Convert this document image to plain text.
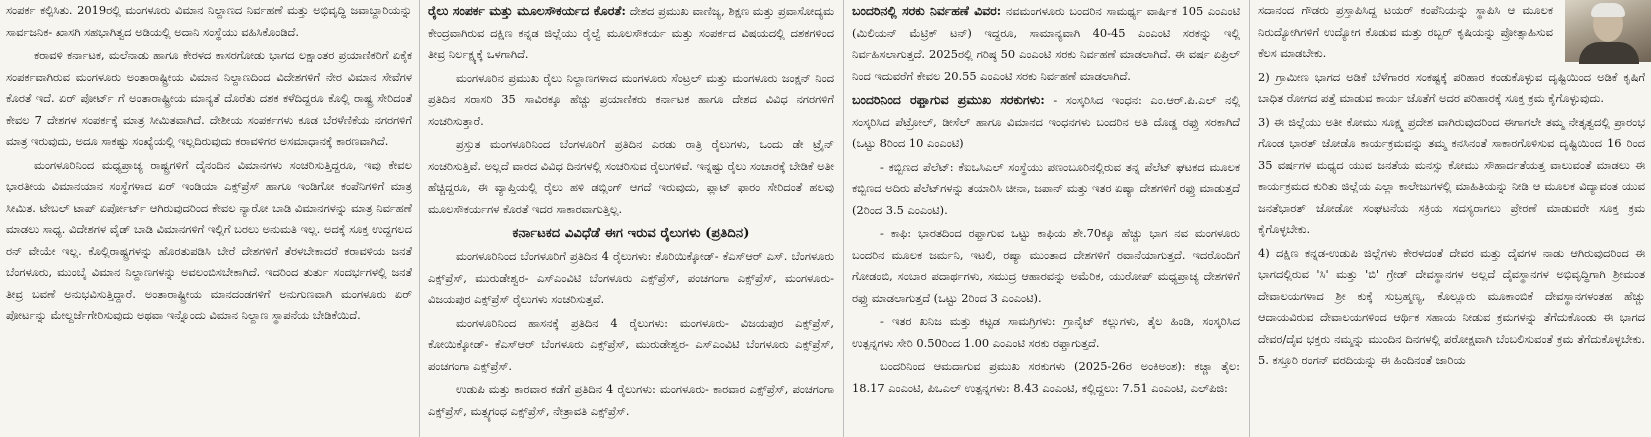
ಸಂಪರ್ಕ ಕಲ್ಪಿಸಿತು. 2019ರಲ್ಲಿ ಮಂಗಳೂರು ವಿಮಾನ ನಿಲ್ದಾಣದ ನಿರ್ವಹಣೆ ಮತ್ತು ಅಭಿವೃದ್ಧಿ ಜವಾಬ್ದಾರಿಯನ್ನು ಸಾರ್ವಜನಿಕ- ಖಾಸಗಿ ಸಹಭಾಗಿತ್ವದ ಅಡಿಯಲ್ಲಿ ಅದಾನಿ ಸಂಸ್ಥೆಯು ವಹಿಸಿಕೊಂಡಿದೆ.

ಕರಾವಳಿ ಕರ್ನಾಟಕ, ಮಲೆನಾಡು ಹಾಗೂ ಕೇರಳದ ಕಾಸರಗೋಡು ಭಾಗದ ಲಕ್ಷಾಂತರ ಪ್ರಯಾಣಿಕರಿಗೆ ಏಕೈಕ ಸಂಪರ್ಕವಾಗಿರುವ ಮಂಗಳೂರು ಅಂತಾರಾಷ್ಟ್ರೀಯ ವಿಮಾನ ನಿಲ್ದಾಣದಿಂದ ವಿದೇಶಗಳಿಗೆ ನೇರ ವಿಮಾನ ಸೇವೆಗಳ ಕೊರತೆ ಇದೆ. ಏರ್ ಪೋರ್ಟ್ ಗೆ ಅಂತಾರಾಷ್ಟ್ರೀಯ ಮಾನ್ಯತೆ ದೊರೆತು ದಶಕ ಕಳೆದಿದ್ದರೂ ಕೊಲ್ಲಿ ರಾಷ್ಟ್ರ ಸೇರಿದಂತೆ ಕೇವಲ 7 ದೇಶಗಳ ಸಂಪರ್ಕಕ್ಕೆ ಮಾತ್ರ ಸೀಮಿತವಾಗಿದೆ. ದೇಶೀಯ ಸಂಪರ್ಕಗಳು ಕೂಡ ಬೆರಳೆಣಿಕೆಯ ನಗರಗಳಿಗೆ ಮಾತ್ರ ಇರುವುದು, ಅದೂ ಸಾಕಷ್ಟು ಸಂಖ್ಯೆಯಲ್ಲಿ ಇಲ್ಲದಿರುವುದು ಕರಾವಳಿಗರ ಅಸಮಾಧಾನಕ್ಕೆ ಕಾರಣವಾಗಿದೆ.

ಮಂಗಳೂರಿನಿಂದ ಮಧ್ಯಪ್ರಾಚ್ಯ ರಾಷ್ಟ್ರಗಳಿಗೆ ದೈನಂದಿನ ವಿಮಾನಗಳು ಸಂಚರಿಸುತ್ತಿದ್ದರೂ, ಇವು ಕೇವಲ ಭಾರತೀಯ ವಿಮಾನಯಾನ ಸಂಸ್ಥೆಗಳಾದ ಏರ್ ಇಂಡಿಯಾ ಎಕ್ಸ್‌ಪ್ರೆಸ್ ಹಾಗೂ ಇಂಡಿಗೋ ಕಂಪೆನಿಗಳಿಗೆ ಮಾತ್ರ ಸೀಮಿತ. ಟೇಬಲ್ ಟಾಪ್ ಏರ್ಪೋರ್ಟ್ ಆಗಿರುವುದರಿಂದ ಕೇವಲ ನ್ಯಾರೋ ಬಾಡಿ ವಿಮಾನಗಳನ್ನು ಮಾತ್ರ ನಿರ್ವಹಣೆ ಮಾಡಲು ಸಾಧ್ಯ. ವಿದೇಶಗಳ ವೈಡ್ ಬಾಡಿ ವಿಮಾನಗಳಿಗೆ ಇಲ್ಲಿಗೆ ಬರಲು ಅನುಮತಿ ಇಲ್ಲ. ಅದಕ್ಕೆ ಸೂಕ್ತ ಉದ್ದಗಲದ ರನ್ ವೇಯೇ ಇಲ್ಲ. ಕೊಲ್ಲಿರಾಷ್ಟ್ರಗಳನ್ನು ಹೊರತುಪಡಿಸಿ ಬೇರೆ ದೇಶಗಳಿಗೆ ತೆರಳಬೇಕಾದರೆ ಕರಾವಳಿಯ ಜನತೆ ಬೆಂಗಳೂರು, ಮುಂಬೈ ವಿಮಾನ ನಿಲ್ದಾಣಗಳನ್ನು ಅವಲಂಬಿಸಬೇಕಾಗಿದೆ. ಇದರಿಂದ ತುರ್ತು ಸಂದರ್ಭಗಳಲ್ಲಿ ಜನತೆ ತೀವ್ರ ಬವಣೆ ಅನುಭವಿಸುತ್ತಿದ್ದಾರೆ. ಅಂತಾರಾಷ್ಟ್ರೀಯ ಮಾನದಂಡಗಳಿಗೆ ಅನುಗುಣವಾಗಿ ಮಂಗಳೂರು ಏರ್ ಪೋರ್ಟನ್ನು ಮೇಲ್ದರ್ಜೆಗೇರಿಸುವುದು ಅಥವಾ ಇನ್ನೊಂದು ವಿಮಾನ ನಿಲ್ದಾಣ ಸ್ಥಾಪನೆಯ ಬೇಡಿಕೆಯಿದೆ.

ರೈಲು ಸಂಪರ್ಕ ಮತ್ತು ಮೂಲಸೌಕರ್ಯದ ಕೊರತೆ: ದೇಶದ ಪ್ರಮುಖ ವಾಣಿಜ್ಯ, ಶಿಕ್ಷಣ ಮತ್ತು ಪ್ರವಾಸೋದ್ಯಮ ಕೇಂದ್ರವಾಗಿರುವ ದಕ್ಷಿಣ ಕನ್ನಡ ಜಿಲ್ಲೆಯು ರೈಲ್ವೆ ಮೂಲಸೌಕರ್ಯ ಮತ್ತು ಸಂಪರ್ಕದ ವಿಷಯದಲ್ಲಿ ದಶಕಗಳಿಂದ ತೀವ್ರ ನಿರ್ಲಕ್ಷ್ಯಕ್ಕೆ ಒಳಗಾಗಿದೆ.

ಮಂಗಳೂರಿನ ಪ್ರಮುಖ ರೈಲು ನಿಲ್ದಾಣಗಳಾದ ಮಂಗಳೂರು ಸೆಂಟ್ರಲ್ ಮತ್ತು ಮಂಗಳೂರು ಜಂಕ್ಷನ್ ನಿಂದ ಪ್ರತಿದಿನ ಸರಾಸರಿ 35 ಸಾವಿರಕ್ಕೂ ಹೆಚ್ಚು ಪ್ರಯಾಣಿಕರು ಕರ್ನಾಟಕ ಹಾಗೂ ದೇಶದ ವಿವಿಧ ನಗರಗಳಿಗೆ ಸಂಚರಿಸುತ್ತಾರೆ.

ಪ್ರಸ್ತುತ ಮಂಗಳೂರಿನಿಂದ ಬೆಂಗಳೂರಿಗೆ ಪ್ರತಿದಿನ ಎರಡು ರಾತ್ರಿ ರೈಲುಗಳು, ಒಂದು ಡೇ ಟ್ರೈನ್ ಸಂಚರಿಸುತ್ತಿವೆ. ಅಲ್ಲದೆ ವಾರದ ವಿವಿಧ ದಿನಗಳಲ್ಲಿ ಸಂಚರಿಸುವ ರೈಲುಗಳಿವೆ. ಇನ್ನಷ್ಟು ರೈಲು ಸಂಚಾರಕ್ಕೆ ಬೇಡಿಕೆ ಅತೀ ಹೆಚ್ಚಿದ್ದರೂ, ಈ ವ್ಯಾಪ್ತಿಯಲ್ಲಿ ರೈಲು ಹಳಿ ಡಬ್ಲಿಂಗ್ ಆಗದೆ ಇರುವುದು, ಪ್ಲಾಟ್ ಫಾರಂ ಸೇರಿದಂತೆ ಹಲವು ಮೂಲಸೌಕರ್ಯಗಳ ಕೊರತೆ ಇದರ ಸಾಕಾರವಾಗುತ್ತಿಲ್ಲ.

ಕರ್ನಾಟಕದ ವಿವಿಧೆಡೆ ಈಗ ಇರುವ ರೈಲುಗಳು (ಪ್ರತಿದಿನ)

ಮಂಗಳೂರಿನಿಂದ ಬೆಂಗಳೂರಿಗೆ ಪ್ರತಿದಿನ 4 ರೈಲುಗಳು: ಕೊರಿಯಿಕ್ಕೋಡ್- ಕೆಎಸ್‌ಆರ್ ಎಸ್. ಬೆಂಗಳೂರು ಎಕ್ಸ್‌ಪ್ರೆಸ್, ಮುರುಡೇಶ್ವರ- ಎಸ್‌ಎಂವಿಟಿ ಬೆಂಗಳೂರು ಎಕ್ಸ್‌ಪ್ರೆಸ್, ಪಂಚಗಂಗಾ ಎಕ್ಸ್‌ಪ್ರೆಸ್, ಮಂಗಳೂರು- ವಿಜಯಪುರ ಎಕ್ಸ್‌ಪ್ರೆಸ್ ರೈಲುಗಳು ಸಂಚರಿಸುತ್ತವೆ.

ಮಂಗಳೂರಿನಿಂದ ಹಾಸನಕ್ಕೆ ಪ್ರತಿದಿನ 4 ರೈಲುಗಳು: ಮಂಗಳೂರು- ವಿಜಯಪುರ ಎಕ್ಸ್‌ಪ್ರೆಸ್, ಕೋಯಿಕ್ಕೋಡ್- ಕೆಎಸ್‌ಆರ್ ಬೆಂಗಳೂರು ಎಕ್ಸ್‌ಪ್ರೆಸ್, ಮುರುಡೇಶ್ವರ- ಎಸ್‌ಎಂವಿಟಿ ಬೆಂಗಳೂರು ಎಕ್ಸ್‌ಪ್ರೆಸ್, ಪಂಚಗಂಗಾ ಎಕ್ಸ್‌ಪ್ರೆಸ್.

ಉಡುಪಿ ಮತ್ತು ಕಾರವಾರ ಕಡೆಗೆ ಪ್ರತಿದಿನ 4 ರೈಲುಗಳು: ಮಂಗಳೂರು- ಕಾರವಾರ ಎಕ್ಸ್‌ಪ್ರೆಸ್, ಪಂಚಗಂಗಾ ಎಕ್ಸ್‌ಪ್ರೆಸ್, ಮತ್ಸ್ಯಗಂಧ ಎಕ್ಸ್‌ಪ್ರೆಸ್, ನೇತ್ರಾವತಿ ಎಕ್ಸ್‌ಪ್ರೆಸ್.

ಬಂದರಿನಲ್ಲಿ ಸರಕು ನಿರ್ವಹಣೆ ವಿವರ: ನವಮಂಗಳೂರು ಬಂದರಿನ ಸಾಮರ್ಥ್ಯ ವಾರ್ಷಿಕ 105 ಎಂಎಂಟಿ (ಮಿಲಿಯನ್ ಮೆಟ್ರಿಕ್ ಟನ್) ಇದ್ದರೂ, ಸಾಮಾನ್ಯವಾಗಿ 40-45 ಎಂಎಂಟಿ ಸರಕನ್ನು ಇಲ್ಲಿ ನಿರ್ವಹಿಸಲಾಗುತ್ತದೆ. 2025ರಲ್ಲಿ ಗರಿಷ್ಠ 50 ಎಂಎಂಟಿ ಸರಕು ನಿರ್ವಹಣೆ ಮಾಡಲಾಗಿದೆ. ಈ ವರ್ಷ ಏಪ್ರಿಲ್ ನಿಂದ ಇದುವರೆಗೆ ಕೇವಲ 20.55 ಎಂಎಂಟಿ ಸರಕು ನಿರ್ವಹಣೆ ಮಾಡಲಾಗಿದೆ.

ಬಂದರಿನಿಂದ ರಫ್ತಾಗುವ ಪ್ರಮುಖ ಸರಕುಗಳು: - ಸಂಸ್ಕರಿಸಿದ ಇಂಧನ: ಎಂ.ಆರ್.ಪಿ.ಎಲ್ ನಲ್ಲಿ ಸಂಸ್ಕರಿಸಿದ ಪೆಟ್ರೋಲ್, ಡೀಸೆಲ್ ಹಾಗೂ ವಿಮಾನದ ಇಂಧನಗಳು ಬಂದರಿನ ಅತಿ ದೊಡ್ಡ ರಫ್ತು ಸರಕಾಗಿದೆ (ಒಟ್ಟು 8ರಿಂದ 10 ಎಂಎಂಟಿ)

- ಕಬ್ಬಿಣದ ಪೆಲೆಟ್: ಕೆಐಒಸಿಎಲ್ ಸಂಸ್ಥೆಯು ಪಣಂಬೂರಿನಲ್ಲಿರುವ ತನ್ನ ಪೆಲೆಟ್ ಘಟಕದ ಮೂಲಕ ಕಬ್ಬಿಣದ ಅದಿರು ಪೆಲೆಟ್‌ಗಳನ್ನು ತಯಾರಿಸಿ ಚೀನಾ, ಜಪಾನ್ ಮತ್ತು ಇತರ ಏಷ್ಯಾ ದೇಶಗಳಿಗೆ ರಫ್ತು ಮಾಡುತ್ತದೆ (2ರಿಂದ 3.5 ಎಂಎಂಟಿ).

- ಕಾಫಿ: ಭಾರತದಿಂದ ರಫ್ತಾಗುವ ಒಟ್ಟು ಕಾಫಿಯ ಶೇ.70ಕ್ಕೂ ಹೆಚ್ಚು ಭಾಗ ನವ ಮಂಗಳೂರು ಬಂದರಿನ ಮೂಲಕ ಜರ್ಮನಿ, ಇಟಲಿ, ರಷ್ಯಾ ಮುಂತಾದ ದೇಶಗಳಿಗೆ ರವಾನೆಯಾಗುತ್ತದೆ. ಇದರೊಂದಿಗೆ ಗೋಡಂಬಿ, ಸಂಬಾರ ಪದಾರ್ಥಗಳು, ಸಮುದ್ರ ಆಹಾರವನ್ನು ಅಮೆರಿಕ, ಯುರೋಪ್ ಮಧ್ಯಪ್ರಾಚ್ಯ ದೇಶಗಳಿಗೆ ರಫ್ತು ಮಾಡಲಾಗುತ್ತದೆ (ಒಟ್ಟು 2ರಿಂದ 3 ಎಂಎಂಟಿ).

- ಇತರ ಖನಿಜ ಮತ್ತು ಕಟ್ಟಡ ಸಾಮಗ್ರಿಗಳು: ಗ್ರಾನೈಟ್ ಕಲ್ಲುಗಳು, ತೈಲ ಹಿಂಡಿ, ಸಂಸ್ಕರಿಸಿದ ಉತ್ಪನ್ನಗಳು ಸೇರಿ 0.50ರಿಂದ 1.00 ಎಂಎಂಟಿ ಸರಕು ರಫ್ತಾಗುತ್ತದೆ.

ಬಂದರಿನಿಂದ ಆಮದಾಗುವ ಪ್ರಮುಖ ಸರಕುಗಳು (2025-26ರ ಅಂಕಿಅಂಶ): ಕಚ್ಚಾ ತೈಲ: 18.17 ಎಂಎಂಟಿ, ಪಿಒಎಲ್ ಉತ್ಪನ್ನಗಳು: 8.43 ಎಂಎಂಟಿ, ಕಲ್ಲಿದ್ದಲು: 7.51 ಎಂಎಂಟಿ, ಎಲ್‌ಪಿಜಿ:

ಸದಾನಂದ ಗೌಡರು ಪ್ರಸ್ತಾಪಿಸಿದ್ದ ಟಯರ್ ಕಂಪೆನಿಯನ್ನು ಸ್ಥಾಪಿಸಿ ಆ ಮೂಲಕ ನಿರುದ್ಯೋಗಿಗಳಿಗೆ ಉದ್ಯೋಗ ಕೊಡುವ ಮತ್ತು ರಬ್ಬರ್ ಕೃಷಿಯನ್ನು ಪ್ರೋತ್ಸಾಹಿಸುವ ಕೆಲಸ ಮಾಡಬೇಕು.

2) ಗ್ರಾಮೀಣ ಭಾಗದ ಅಡಿಕೆ ಬೆಳೆಗಾರರ ಸಂಕಷ್ಟಕ್ಕೆ ಪರಿಹಾರ ಕಂಡುಕೊಳ್ಳುವ ದೃಷ್ಟಿಯಿಂದ ಅಡಿಕೆ ಕೃಷಿಗೆ ಬಾಧಿತ ರೋಗದ ಪತ್ತೆ ಮಾಡುವ ಕಾರ್ಯ ಜೊತೆಗೆ ಅದರ ಪರಿಹಾರಕ್ಕೆ ಸೂಕ್ತ ಕ್ರಮ ಕೈಗೊಳ್ಳುವುದು.

3) ಈ ಜಿಲ್ಲೆಯು ಅತೀ ಕೋಮು ಸೂಕ್ಷ್ಮ ಪ್ರದೇಶ ವಾಗಿರುವುದರಿಂದ ಈಗಾಗಲೇ ತಮ್ಮ ನೇತೃತ್ವದಲ್ಲಿ ಪ್ರಾರಂಭ ಗೊಂಡ ಭಾರತ್ ಜೋಡೊ ಕಾರ್ಯಕ್ರಮವನ್ನು ತಮ್ಮ ಕನಸಿನಂತೆ ಸಾಕಾರಗೊಳಿಸುವ ದೃಷ್ಟಿಯಿಂದ 16 ರಿಂದ 35 ವರ್ಷಗಳ ಮಧ್ಯದ ಯುವ ಜನತೆಯ ಮನಸ್ಸು ಕೋಮು ಸೌಹಾರ್ದತೆಯತ್ತ ವಾಲುವಂತೆ ಮಾಡಲು ಈ ಕಾರ್ಯಕ್ರಮದ ಕುರಿತು ಜಿಲ್ಲೆಯ ಎಲ್ಲಾ ಕಾಲೇಜುಗಳಲ್ಲಿ ಮಾಹಿತಿಯನ್ನು ನೀಡಿ ಆ ಮೂಲಕ ವಿದ್ಯಾವಂತ ಯುವ ಜನತೆಭಾರತ್ ಜೋಡೋ ಸಂಘಟನೆಯ ಸಕ್ರಿಯ ಸದಸ್ಯರಾಗಲು ಪ್ರೇರಣೆ ಮಾಡುವರೇ ಸೂಕ್ತ ಕ್ರಮ ಕೈಗೊಳ್ಳಬೇಕು.

4) ದಕ್ಷಿಣ ಕನ್ನಡ-ಉಡುಪಿ ಜಿಲ್ಲೆಗಳು ಕೇರಳದಂತೆ ದೇವರ ಮತ್ತು ದೈವಗಳ ನಾಡು ಆಗಿರುವುದರಿಂದ ಈ ಭಾಗದಲ್ಲಿರುವ 'ಸಿ' ಮತ್ತು 'ಬಿ' ಗ್ರೇಡ್ ದೇವಸ್ಥಾನಗಳ ಅಲ್ಲದೆ ದೈವಸ್ಥಾನಗಳ ಅಭಿವೃದ್ಧಿಗಾಗಿ ಶ್ರೀಮಂತ ದೇವಾಲಯಗಳಾದ ಶ್ರೀ ಕುಕ್ಕೆ ಸುಬ್ರಹ್ಮಣ್ಯ, ಕೊಲ್ಲೂರು ಮೂಕಾಂಬಿಕೆ ದೇವಸ್ಥಾನಗಳಂತಹ ಹೆಚ್ಚು ಆದಾಯವಿರುವ ದೇವಾಲಯಗಳಿಂದ ಆರ್ಥಿಕ ಸಹಾಯ ನೀಡುವ ಕ್ರಮಗಳನ್ನು ತೆಗೆದುಕೊಂಡು ಈ ಭಾಗದ ದೇವರ/ದೈವ ಭಕ್ತರು ನಮ್ಮನ್ನು ಮುಂದಿನ ದಿನಗಳಲ್ಲಿ ಪರೋಕ್ಷವಾಗಿ ಬೆಂಬಲಿಸುವಂತೆ ಕ್ರಮ ತೆಗೆದುಕೊಳ್ಳಬೇಕು. 5. ಕಸ್ತೂರಿ ರಂಗನ್ ವರದಿಯನ್ನು ಈ ಹಿಂದಿನಂತೆ ಜಾರಿಯ
